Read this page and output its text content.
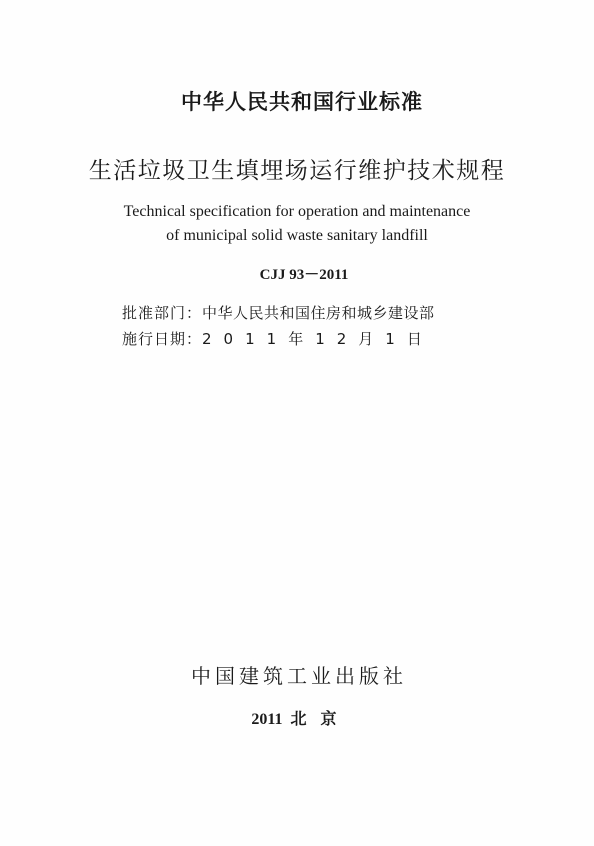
中华人民共和国行业标准
生活垃圾卫生填埋场运行维护技术规程
Technical specification for operation and maintenance
of municipal solid waste sanitary landfill
CJJ 93－2011
批准部门：中华人民共和国住房和城乡建设部
施行日期：2011年12月1日
中国建筑工业出版社
2011 北京
